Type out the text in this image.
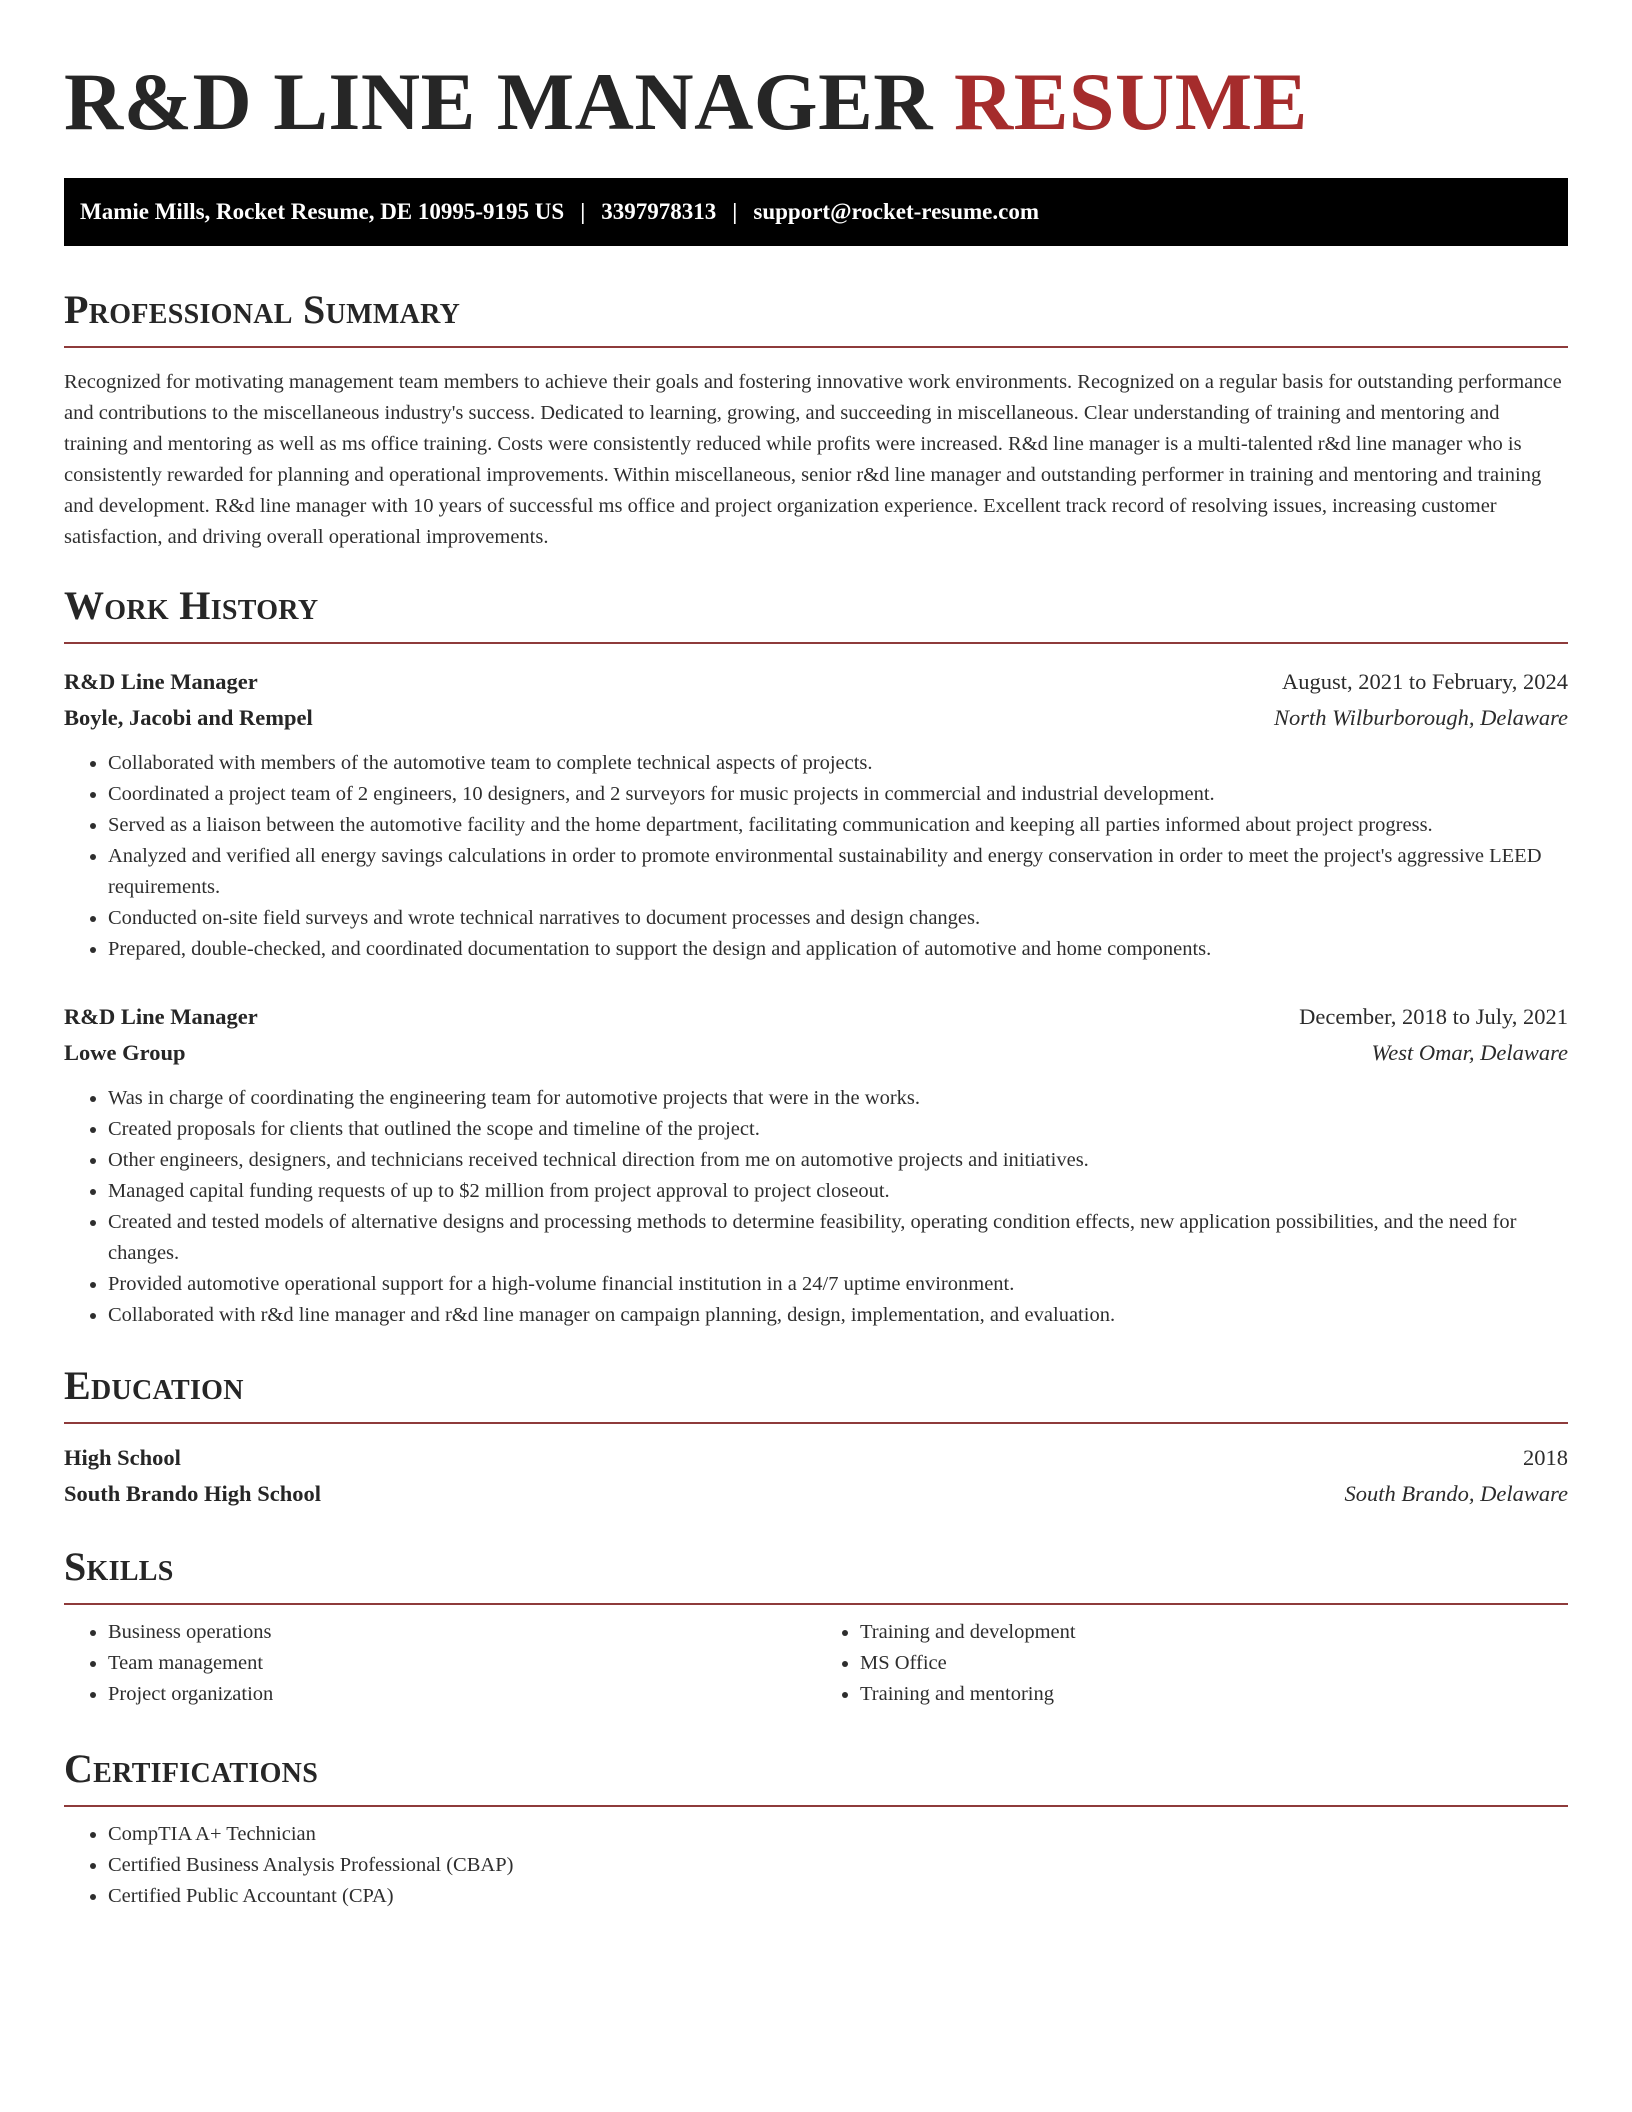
R&D LINE MANAGER RESUME
Mamie Mills, Rocket Resume, DE 10995-9195 US | 3397978313 | support@rocket-resume.com
Professional Summary

Recognized for motivating management team members to achieve their goals and fostering innovative work environments. Recognized on a regular basis for outstanding performance and contributions to the miscellaneous industry's success. Dedicated to learning, growing, and succeeding in miscellaneous. Clear understanding of training and mentoring and training and mentoring as well as ms office training. Costs were consistently reduced while profits were increased. R&d line manager is a multi-talented r&d line manager who is consistently rewarded for planning and operational improvements. Within miscellaneous, senior r&d line manager and outstanding performer in training and mentoring and training and development. R&d line manager with 10 years of successful ms office and project organization experience. Excellent track record of resolving issues, increasing customer satisfaction, and driving overall operational improvements.

Work History
R&D Line Manager	August, 2021 to February, 2024
Boyle, Jacobi and Rempel	North Wilburborough, Delaware
• Collaborated with members of the automotive team to complete technical aspects of projects.
• Coordinated a project team of 2 engineers, 10 designers, and 2 surveyors for music projects in commercial and industrial development.
• Served as a liaison between the automotive facility and the home department, facilitating communication and keeping all parties informed about project progress.
• Analyzed and verified all energy savings calculations in order to promote environmental sustainability and energy conservation in order to meet the project's aggressive LEED requirements.
• Conducted on-site field surveys and wrote technical narratives to document processes and design changes.
• Prepared, double-checked, and coordinated documentation to support the design and application of automotive and home components.
R&D Line Manager	December, 2018 to July, 2021
Lowe Group	West Omar, Delaware
• Was in charge of coordinating the engineering team for automotive projects that were in the works.
• Created proposals for clients that outlined the scope and timeline of the project.
• Other engineers, designers, and technicians received technical direction from me on automotive projects and initiatives.
• Managed capital funding requests of up to $2 million from project approval to project closeout.
• Created and tested models of alternative designs and processing methods to determine feasibility, operating condition effects, new application possibilities, and the need for changes.
• Provided automotive operational support for a high-volume financial institution in a 24/7 uptime environment.
• Collaborated with r&d line manager and r&d line manager on campaign planning, design, implementation, and evaluation.
Education
High School	2018
South Brando High School	South Brando, Delaware
Skills
• Business operations
• Team management
• Project organization
• Training and development
• MS Office
• Training and mentoring
Certifications
• CompTIA A+ Technician
• Certified Business Analysis Professional (CBAP)
• Certified Public Accountant (CPA)
